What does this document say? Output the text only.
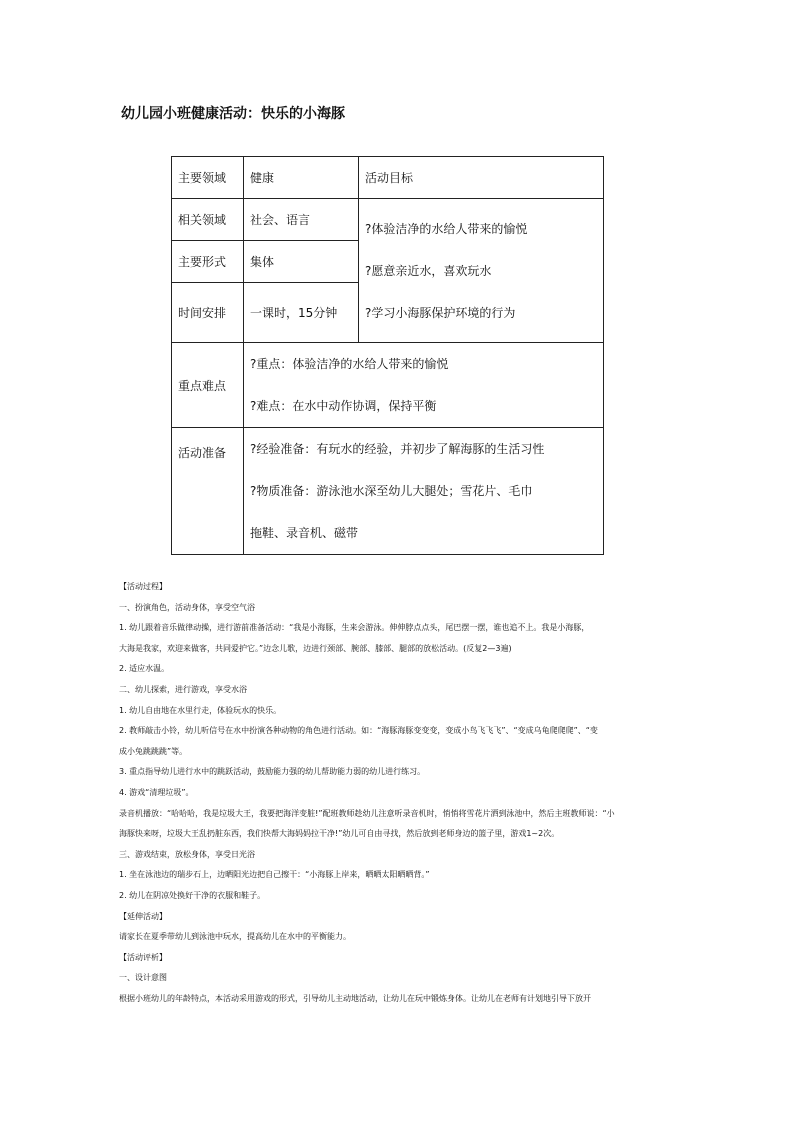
幼儿园小班健康活动：快乐的小海豚
主要领域	健康	活动目标
相关领域	社会、语言	?体验洁净的水给人带来的愉悦
?愿意亲近水，喜欢玩水
?学习小海豚保护环境的行为

主要形式	集体	
时间安排	一课时，15分钟	
重点难点	?重点：体验洁净的水给人带来的愉悦
?难点：在水中动作协调，保持平衡	

活动准备	?经验准备：有玩水的经验，并初步了解海豚的生活习性
?物质准备：游泳池水深至幼儿大腿处；雪花片、毛巾
拖鞋、录音机、磁带	

【活动过程】

一、扮演角色，活动身体，享受空气浴

1. 幼儿跟着音乐做律动操，进行游前准备活动：“我是小海豚，生来会游泳。伸伸脖点点头，尾巴摆一摆，谁也追不上。我是小海豚，

大海是我家，欢迎来做客，共同爱护它。”边念儿歌，边进行颈部、腕部、膝部、腿部的放松活动。(反复2—3遍)

2. 适应水温。

二、幼儿探索，进行游戏，享受水浴

1. 幼儿自由地在水里行走，体验玩水的快乐。

2. 教师敲击小铃，幼儿听信号在水中扮演各种动物的角色进行活动。如：“海豚海豚变变变，变成小鸟飞飞飞”、“变成乌龟爬爬爬”、“变

成小兔跳跳跳”等。

3. 重点指导幼儿进行水中的跳跃活动，鼓励能力强的幼儿帮助能力弱的幼儿进行练习。

4. 游戏“清理垃圾”。

录音机播放：“哈哈哈，我是垃圾大王，我要把海洋变脏!”配班教师趁幼儿注意听录音机时，悄悄将雪花片洒到泳池中，然后主班教师说：“小

海豚快来呀，垃圾大王乱扔脏东西，我们快帮大海妈妈拉干净!”幼儿可自由寻找，然后放到老师身边的篮子里，游戏1~2次。

三、游戏结束，放松身体，享受日光浴

1. 坐在泳池边的瑞步石上，边晒阳光边把自己擦干：“小海豚上岸来，晒晒太阳晒晒背。”

2. 幼儿在阴凉处换好干净的衣服和鞋子。

【延伸活动】

请家长在夏季带幼儿到泳池中玩水，提高幼儿在水中的平衡能力。

【活动评析】

一、设计意图

根据小班幼儿的年龄特点，本活动采用游戏的形式，引导幼儿主动地活动，让幼儿在玩中锻炼身体。让幼儿在老师有计划地引导下放开
